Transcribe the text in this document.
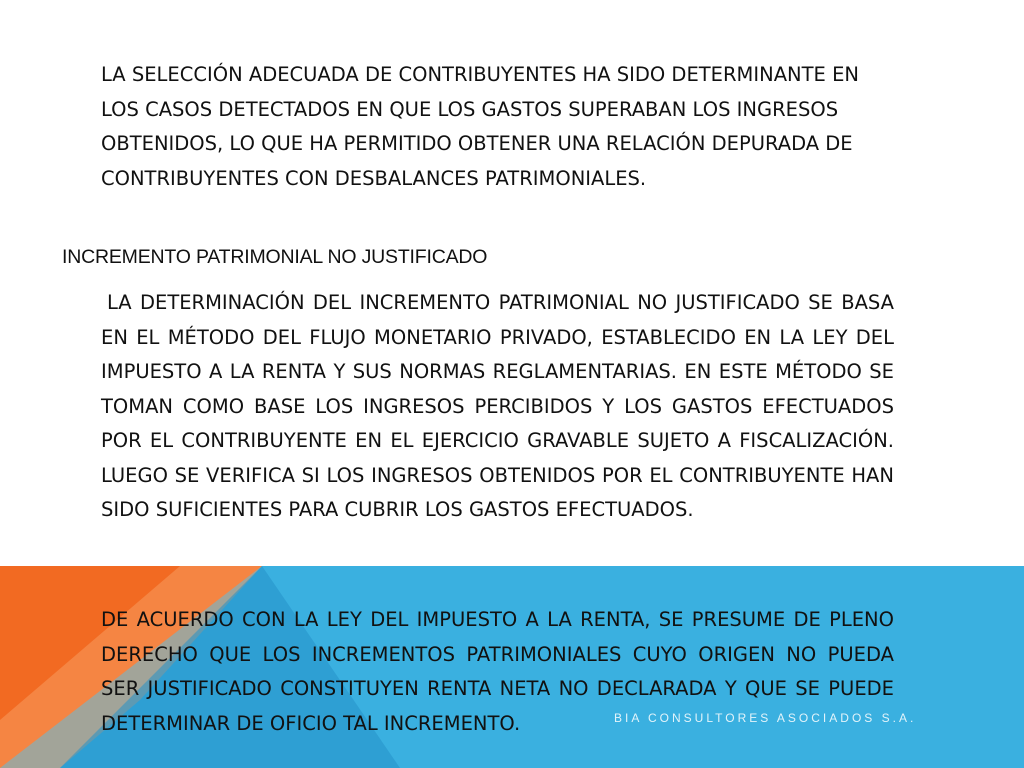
LA SELECCIÓN ADECUADA DE CONTRIBUYENTES HA SIDO DETERMINANTE EN LOS CASOS DETECTADOS EN QUE LOS GASTOS SUPERABAN LOS INGRESOS OBTENIDOS, LO QUE HA PERMITIDO OBTENER UNA RELACIÓN DEPURADA DE CONTRIBUYENTES CON DESBALANCES PATRIMONIALES.

INCREMENTO PATRIMONIAL NO JUSTIFICADO

LA DETERMINACIÓN DEL INCREMENTO PATRIMONIAL NO JUSTIFICADO SE BASA EN EL MÉTODO DEL FLUJO MONETARIO PRIVADO, ESTABLECIDO EN LA LEY DEL IMPUESTO A LA RENTA Y SUS NORMAS REGLAMENTARIAS. EN ESTE MÉTODO SE TOMAN COMO BASE LOS INGRESOS PERCIBIDOS Y LOS GASTOS EFECTUADOS POR EL CONTRIBUYENTE EN EL EJERCICIO GRAVABLE SUJETO A FISCALIZACIÓN. LUEGO SE VERIFICA SI LOS INGRESOS OBTENIDOS POR EL CONTRIBUYENTE HAN SIDO SUFICIENTES PARA CUBRIR LOS GASTOS EFECTUADOS.

DE ACUERDO CON LA LEY DEL IMPUESTO A LA RENTA, SE PRESUME DE PLENO DERECHO QUE LOS INCREMENTOS PATRIMONIALES CUYO ORIGEN NO PUEDA SER JUSTIFICADO CONSTITUYEN RENTA NETA NO DECLARADA Y QUE SE PUEDE DETERMINAR DE OFICIO TAL INCREMENTO.	BIA CONSULTORES ASOCIADOS S.A.
